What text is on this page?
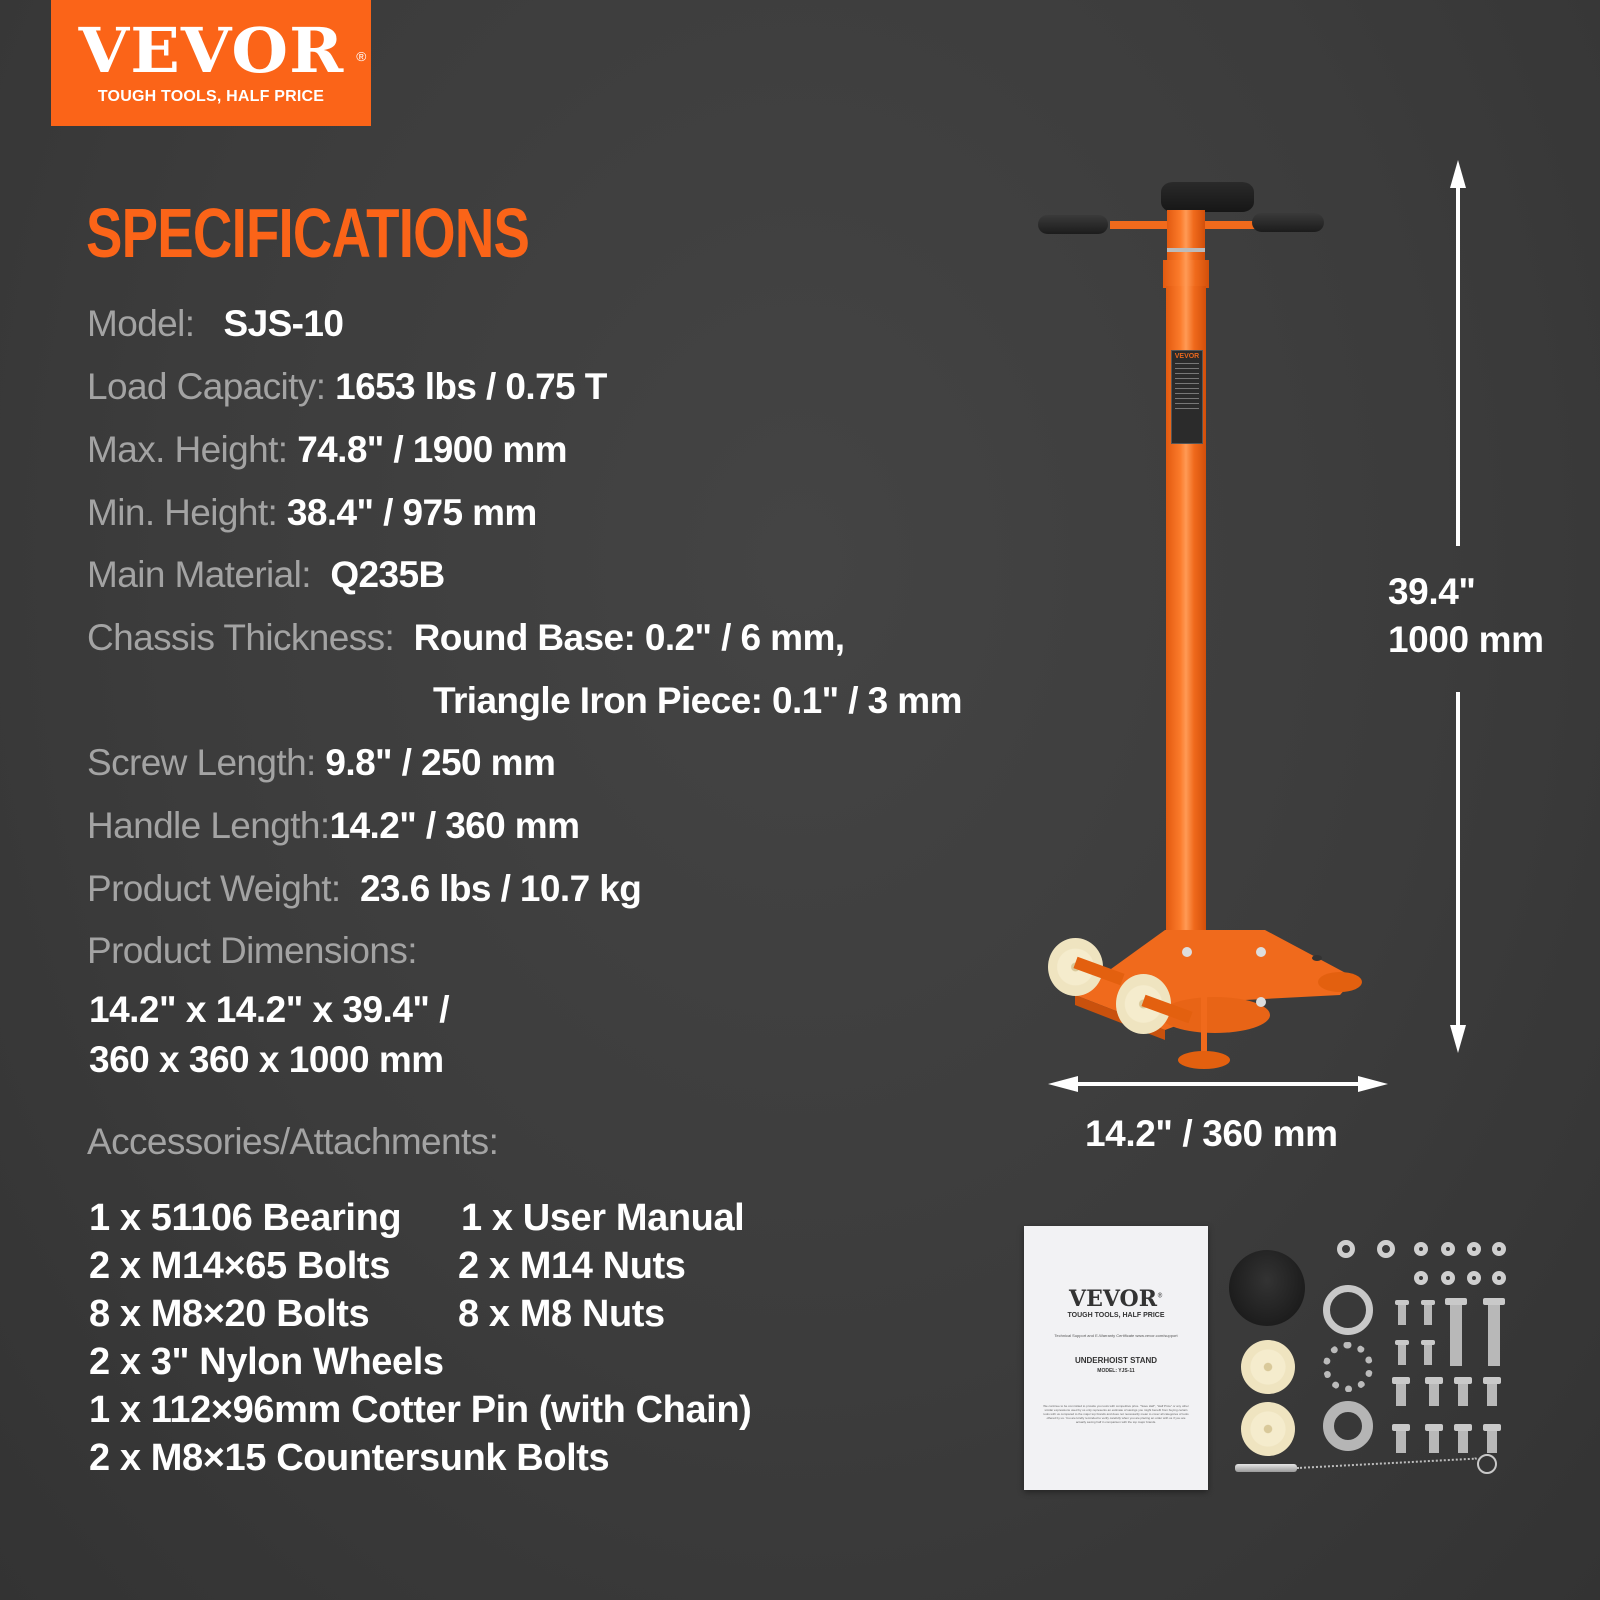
VEVOR ®
TOUGH TOOLS, HALF PRICE
SPECIFICATIONS
Model: SJS-10
Load Capacity: 1653 lbs / 0.75 T
Max. Height: 74.8" / 1900 mm
Min. Height: 38.4" / 975 mm
Main Material: Q235B
Chassis Thickness: Round Base: 0.2" / 6 mm,
Triangle Iron Piece: 0.1" / 3 mm
Screw Length: 9.8" / 250 mm
Handle Length:14.2" / 360 mm
Product Weight: 23.6 lbs / 10.7 kg
Product Dimensions:
14.2" x 14.2" x 39.4" /
360 x 360 x 1000 mm
Accessories/Attachments:
1 x 51106 Bearing
2 x M14×65 Bolts
8 x M8×20 Bolts
2 x 3" Nylon Wheels
1 x 112×96mm Cotter Pin (with Chain)
2 x M8×15 Countersunk Bolts
1 x User Manual
2 x M14 Nuts
8 x M8 Nuts
VEVOR
39.4"
1000 mm
14.2" / 360 mm
VEVOR®
TOUGH TOOLS, HALF PRICE
Technical Support and E-Warranty Certificate www.vevor.com/support
UNDERHOIST STAND
MODEL: YJS-11
We continue to be committed to provide you tools with competitive price. "Save Half", "Half Price" or any other similar expressions used by us only represents an estimate of savings you might benefit from buying certain tools with us compared to the major top brands and does not necessarily mean to cover all categories of tools offered by us. You are kindly reminded to verify carefully when you are placing an order with us if you are actually saving half in comparison with the top major brands.
